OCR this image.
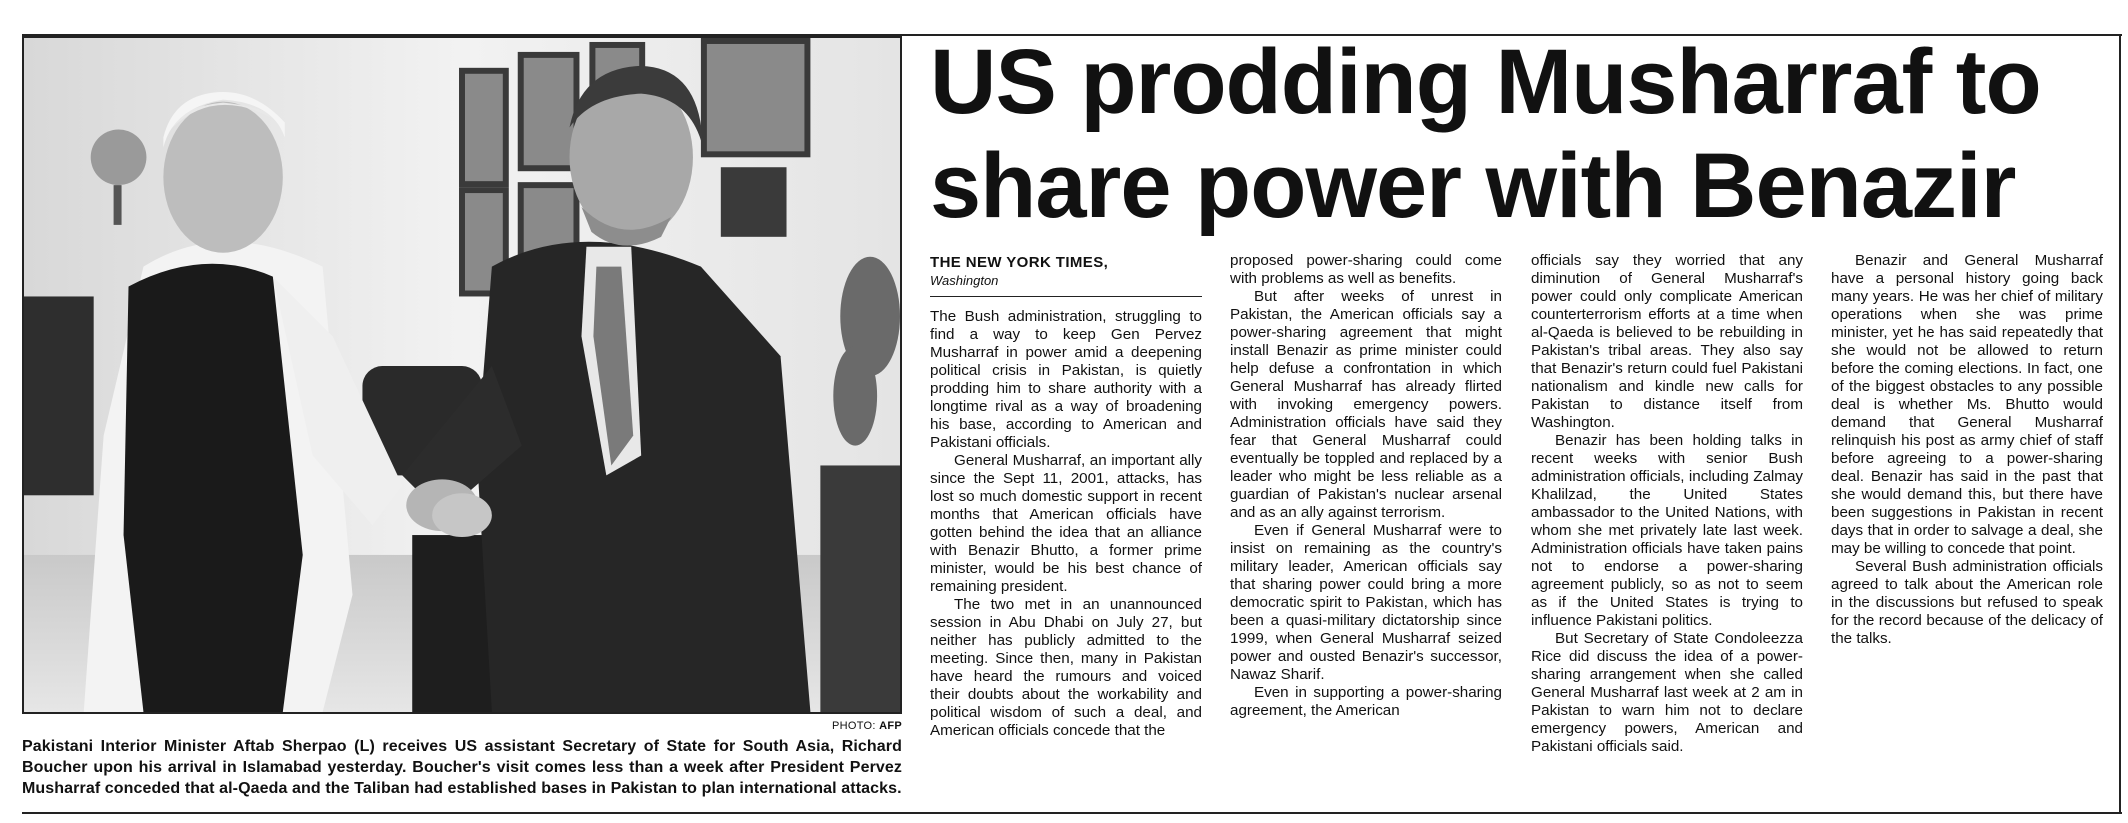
PHOTO: AFP
Pakistani Interior Minister Aftab Sherpao (L) receives US assistant Secretary of State for South Asia, Richard Boucher upon his arrival in Islamabad yesterday. Boucher's visit comes less than a week after President Pervez Musharraf conceded that al-Qaeda and the Taliban had established bases in Pakistan to plan international attacks.
US prodding Musharraf to
share power with Benazir
THE NEW YORK TIMES,
Washington

The Bush administration, struggling to find a way to keep Gen Pervez Musharraf in power amid a deepening political crisis in Pakistan, is quietly prodding him to share authority with a longtime rival as a way of broadening his base, according to American and Pakistani officials.

General Musharraf, an important ally since the Sept 11, 2001, attacks, has lost so much domestic support in recent months that American officials have gotten behind the idea that an alliance with Benazir Bhutto, a former prime minister, would be his best chance of remaining president.

The two met in an unannounced session in Abu Dhabi on July 27, but neither has publicly admitted to the meeting. Since then, many in Pakistan have heard the rumours and voiced their doubts about the workability and political wisdom of such a deal, and American officials concede that the

proposed power-sharing could come with problems as well as benefits.

But after weeks of unrest in Pakistan, the American officials say a power-sharing agreement that might install Benazir as prime minister could help defuse a confrontation in which General Musharraf has already flirted with invoking emergency powers. Administration officials have said they fear that General Musharraf could eventually be toppled and replaced by a leader who might be less reliable as a guardian of Pakistan's nuclear arsenal and as an ally against terrorism.

Even if General Musharraf were to insist on remaining as the country's military leader, American officials say that sharing power could bring a more democratic spirit to Pakistan, which has been a quasi-military dictatorship since 1999, when General Musharraf seized power and ousted Benazir's successor, Nawaz Sharif.

Even in supporting a power-sharing agreement, the American

officials say they worried that any diminution of General Musharraf's power could only complicate American counterterrorism efforts at a time when al-Qaeda is believed to be rebuilding in Pakistan's tribal areas. They also say that Benazir's return could fuel Pakistani nationalism and kindle new calls for Pakistan to distance itself from Washington.

Benazir has been holding talks in recent weeks with senior Bush administration officials, including Zalmay Khalilzad, the United States ambassador to the United Nations, with whom she met privately late last week. Administration officials have taken pains not to endorse a power-sharing agreement publicly, so as not to seem as if the United States is trying to influence Pakistani politics.

But Secretary of State Condoleezza Rice did discuss the idea of a power-sharing arrangement when she called General Musharraf last week at 2 am in Pakistan to warn him not to declare emergency powers, American and Pakistani officials said.

Benazir and General Musharraf have a personal history going back many years. He was her chief of military operations when she was prime minister, yet he has said repeatedly that she would not be allowed to return before the coming elections. In fact, one of the biggest obstacles to any possible deal is whether Ms. Bhutto would demand that General Musharraf relinquish his post as army chief of staff before agreeing to a power-sharing deal. Benazir has said in the past that she would demand this, but there have been suggestions in Pakistan in recent days that in order to salvage a deal, she may be willing to concede that point.

Several Bush administration officials agreed to talk about the American role in the discussions but refused to speak for the record because of the delicacy of the talks.
